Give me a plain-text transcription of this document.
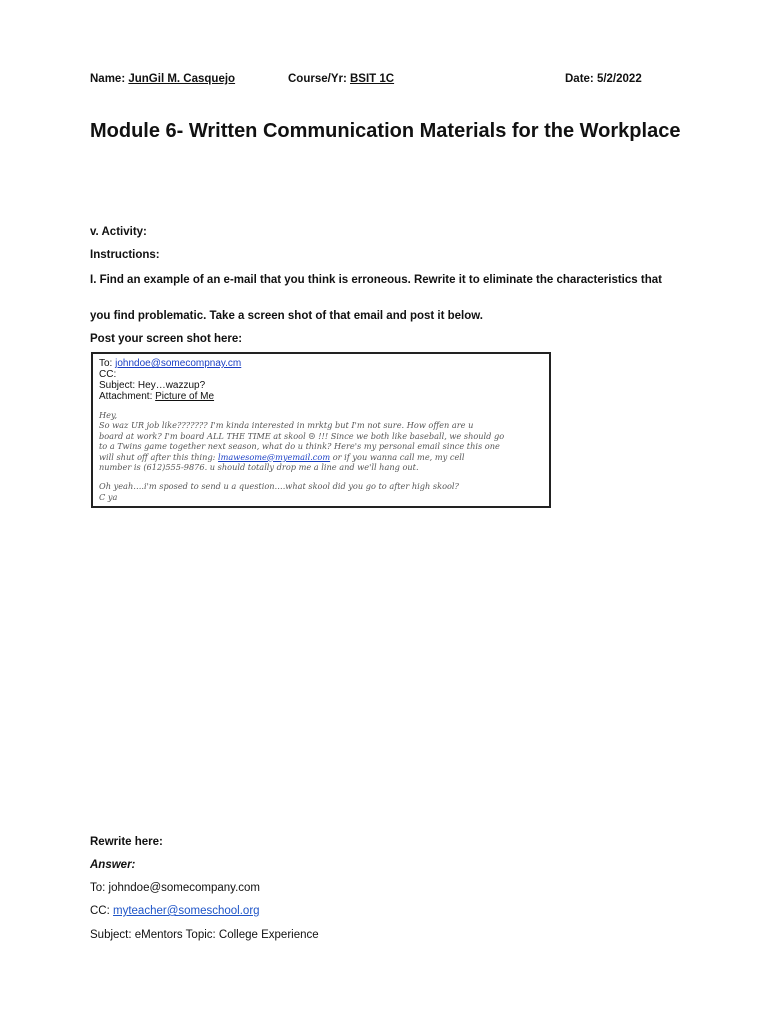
Name: JunGil M. Casquejo	Course/Yr: BSIT 1C	Date: 5/2/2022
Module 6- Written Communication Materials for the Workplace
v. Activity:
Instructions:
I. Find an example of an e-mail that you think is erroneous. Rewrite it to eliminate the characteristics that
you find problematic. Take a screen shot of that email and post it below.
Post your screen shot here:
To: johndoe@somecompnay.cm
CC:
Subject: Hey…wazzup?
Attachment: Picture of Me

Hey,

So waz UR job like??????? I'm kinda interested in mrktg but I'm not sure. How offen are u

board at work? I'm board ALL THE TIME at skool ☹ !!! Since we both like baseball, we should go

to a Twins game together next season, what do u think? Here's my personal email since this one

will shut off after this thing: lmawesome@myemail.com or if you wanna call me, my cell

number is (612)555-9876. u should totally drop me a line and we'll hang out.

Oh yeah….i'm sposed to send u a question….what skool did you go to after high skool?

C ya

Rewrite here:
Answer:
To: johndoe@somecompany.com
CC: myteacher@someschool.org
Subject: eMentors Topic: College Experience
